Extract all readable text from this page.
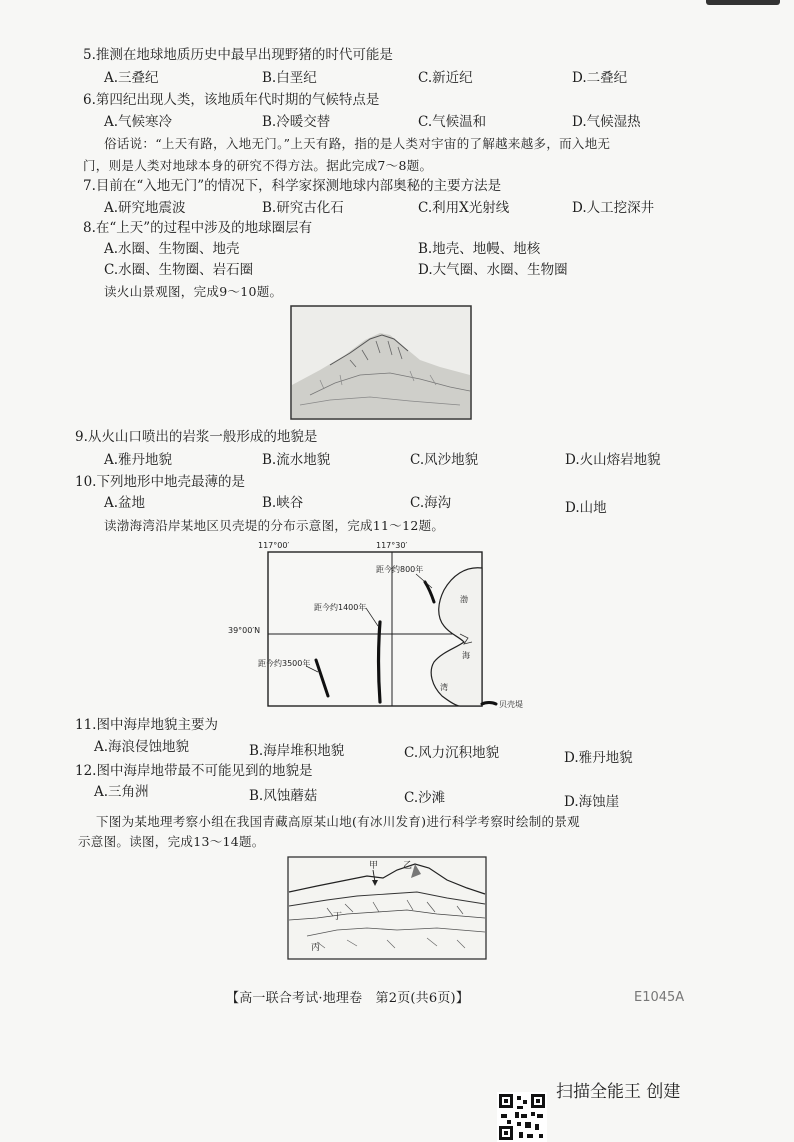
5.推测在地球地质历史中最早出现野猪的时代可能是
A.三叠纪	B.白垩纪	C.新近纪	D.二叠纪
6.第四纪出现人类，该地质年代时期的气候特点是
A.气候寒冷	B.冷暖交替	C.气候温和	D.气候湿热
俗话说：“上天有路，入地无门。”上天有路，指的是人类对宇宙的了解越来越多，而入地无
门，则是人类对地球本身的研究不得方法。据此完成7～8题。
7.目前在“入地无门”的情况下，科学家探测地球内部奥秘的主要方法是
A.研究地震波	B.研究古化石	C.利用X光射线	D.人工挖深井
8.在“上天”的过程中涉及的地球圈层有
A.水圈、生物圈、地壳	B.地壳、地幔、地核
C.水圈、生物圈、岩石圈	D.大气圈、水圈、生物圈
读火山景观图，完成9～10题。
9.从火山口喷出的岩浆一般形成的地貌是
A.雅丹地貌	B.流水地貌	C.风沙地貌	D.火山熔岩地貌
10.下列地形中地壳最薄的是
A.盆地	B.峡谷	C.海沟	D.山地
读渤海湾沿岸某地区贝壳堤的分布示意图，完成11～12题。
117°00′	117°30′
39°00′N
渤
海
湾
距今约800年
距今约1400年
距今约3500年
贝壳堤
11.图中海岸地貌主要为
A.海浪侵蚀地貌	B.海岸堆积地貌	C.风力沉积地貌	D.雅丹地貌
12.图中海岸地带最不可能见到的地貌是
A.三角洲	B.风蚀蘑菇	C.沙滩	D.海蚀崖
下图为某地理考察小组在我国青藏高原某山地(有冰川发育)进行科学考察时绘制的景观
示意图。读图，完成13～14题。
甲	乙
丁
丙
【高一联合考试·地理卷　第2页(共6页)】	E1045A
扫描全能王 创建
